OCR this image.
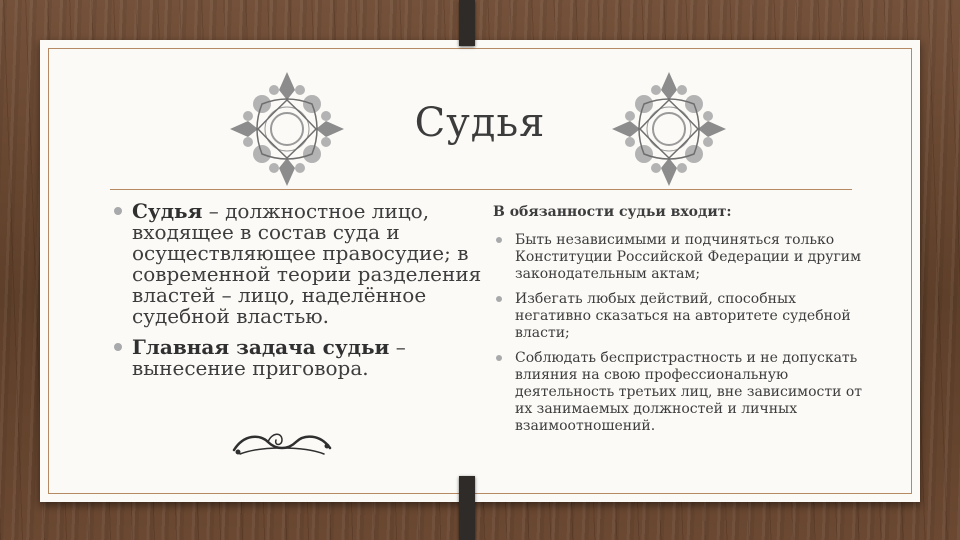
Судья
Судья – должностное лицо, входящее в состав суда и осуществляющее правосудие; в современной теории разделения властей – лицо, наделённое судебной властью.
Главная задача судьи – вынесение приговора.
В обязанности судьи входит:
Быть независимыми и подчиняться только Конституции Российской Федерации и другим законодательным актам;
Избегать любых действий, способных негативно сказаться на авторитете судебной власти;
Соблюдать беспристрастность и не допускать влияния на свою профессиональную деятельность третьих лиц, вне зависимости от их занимаемых должностей и личных взаимоотношений.
